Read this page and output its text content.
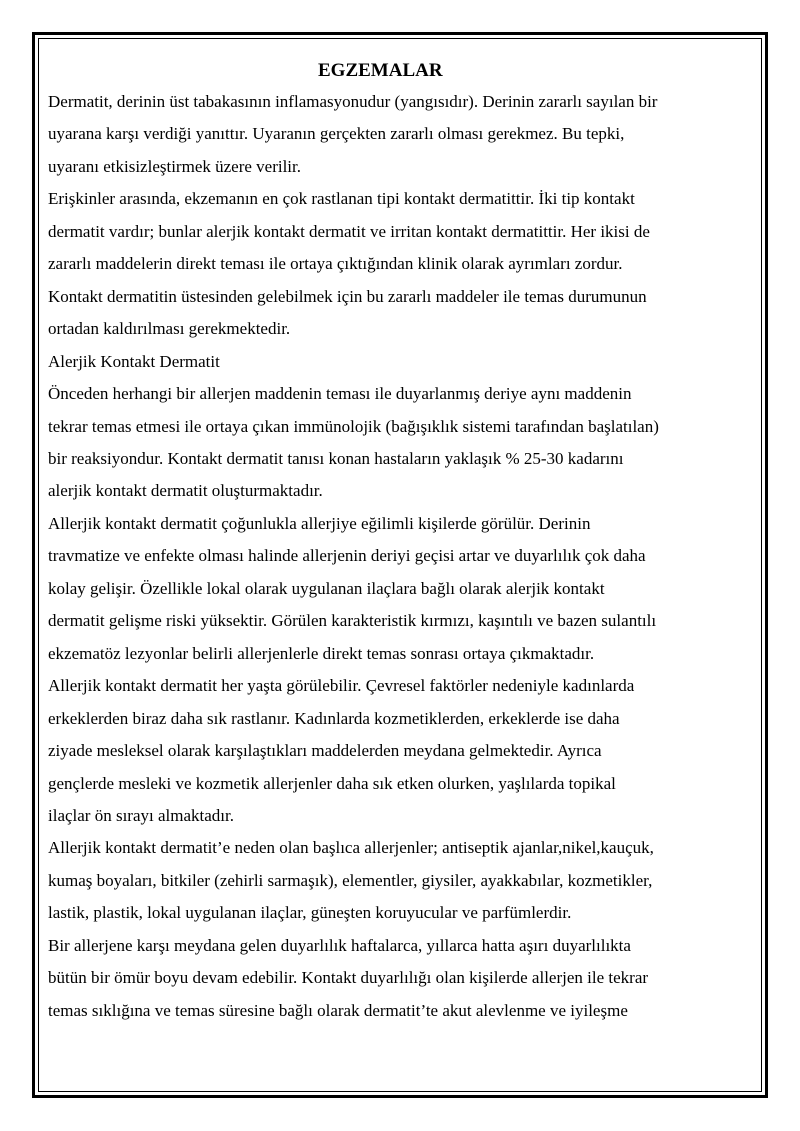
EGZEMALAR

Dermatit, derinin üst tabakasının inflamasyonudur (yangısıdır). Derinin zararlı sayılan bir
uyarana karşı verdiği yanıttır. Uyaranın gerçekten zararlı olması gerekmez. Bu tepki,
uyaranı etkisizleştirmek üzere verilir.

Erişkinler arasında, ekzemanın en çok rastlanan tipi kontakt dermatittir. İki tip kontakt
dermatit vardır; bunlar alerjik kontakt dermatit ve irritan kontakt dermatittir. Her ikisi de
zararlı maddelerin direkt teması ile ortaya çıktığından klinik olarak ayrımları zordur.
Kontakt dermatitin üstesinden gelebilmek için bu zararlı maddeler ile temas durumunun
ortadan kaldırılması gerekmektedir.

Alerjik Kontakt Dermatit

Önceden herhangi bir allerjen maddenin teması ile duyarlanmış deriye aynı maddenin
tekrar temas etmesi ile ortaya çıkan immünolojik (bağışıklık sistemi tarafından başlatılan)
bir reaksiyondur. Kontakt dermatit tanısı konan hastaların yaklaşık % 25-30 kadarını
alerjik kontakt dermatit oluşturmaktadır.

Allerjik kontakt dermatit çoğunlukla allerjiye eğilimli kişilerde görülür. Derinin
travmatize ve enfekte olması halinde allerjenin deriyi geçisi artar ve duyarlılık çok daha
kolay gelişir. Özellikle lokal olarak uygulanan ilaçlara bağlı olarak alerjik kontakt
dermatit gelişme riski yüksektir. Görülen karakteristik kırmızı, kaşıntılı ve bazen sulantılı
ekzematöz lezyonlar belirli allerjenlerle direkt temas sonrası ortaya çıkmaktadır.

Allerjik kontakt dermatit her yaşta görülebilir. Çevresel faktörler nedeniyle kadınlarda
erkeklerden biraz daha sık rastlanır. Kadınlarda kozmetiklerden, erkeklerde ise daha
ziyade mesleksel olarak karşılaştıkları maddelerden meydana gelmektedir. Ayrıca
gençlerde mesleki ve kozmetik allerjenler daha sık etken olurken, yaşlılarda topikal
ilaçlar ön sırayı almaktadır.

Allerjik kontakt dermatit’e neden olan başlıca allerjenler; antiseptik ajanlar,nikel,kauçuk,
kumaş boyaları, bitkiler (zehirli sarmaşık), elementler, giysiler, ayakkabılar, kozmetikler,
lastik, plastik, lokal uygulanan ilaçlar, güneşten koruyucular ve parfümlerdir.

Bir allerjene karşı meydana gelen duyarlılık haftalarca, yıllarca hatta aşırı duyarlılıkta
bütün bir ömür boyu devam edebilir. Kontakt duyarlılığı olan kişilerde allerjen ile tekrar
temas sıklığına ve temas süresine bağlı olarak dermatit’te akut alevlenme ve iyileşme
